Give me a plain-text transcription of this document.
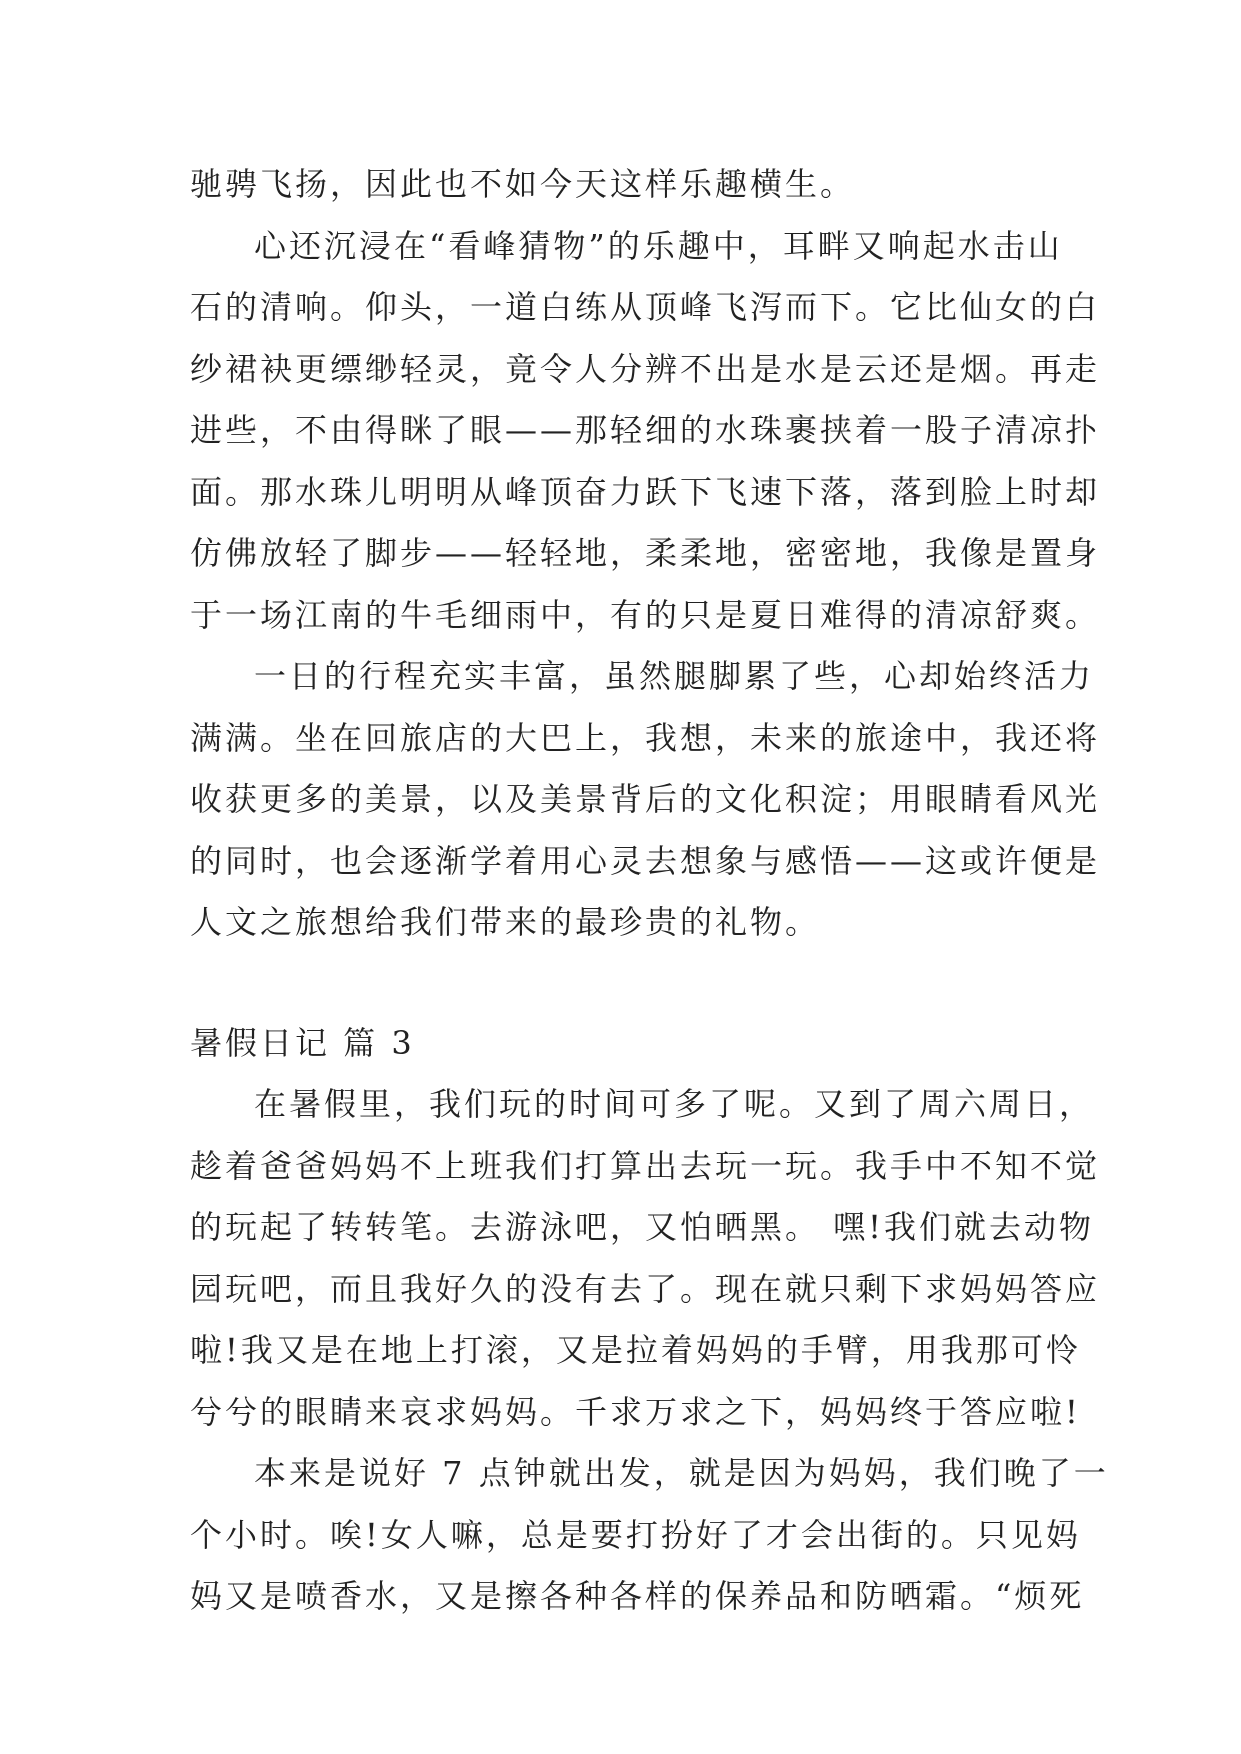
驰骋飞扬，因此也不如今天这样乐趣横生。
心还沉浸在“看峰猜物”的乐趣中，耳畔又响起水击山
石的清响。仰头，一道白练从顶峰飞泻而下。它比仙女的白
纱裙袂更缥缈轻灵，竟令人分辨不出是水是云还是烟。再走
进些，不由得眯了眼——那轻细的水珠裹挟着一股子清凉扑
面。那水珠儿明明从峰顶奋力跃下飞速下落，落到脸上时却
仿佛放轻了脚步——轻轻地，柔柔地，密密地，我像是置身
于一场江南的牛毛细雨中，有的只是夏日难得的清凉舒爽。
一日的行程充实丰富，虽然腿脚累了些，心却始终活力
满满。坐在回旅店的大巴上，我想，未来的旅途中，我还将
收获更多的美景，以及美景背后的文化积淀；用眼睛看风光
的同时，也会逐渐学着用心灵去想象与感悟——这或许便是
人文之旅想给我们带来的最珍贵的礼物。
暑假日记 篇 3
在暑假里，我们玩的时间可多了呢。又到了周六周日，
趁着爸爸妈妈不上班我们打算出去玩一玩。我手中不知不觉
的玩起了转转笔。去游泳吧，又怕晒黑。 嘿!我们就去动物
园玩吧，而且我好久的没有去了。现在就只剩下求妈妈答应
啦!我又是在地上打滚，又是拉着妈妈的手臂，用我那可怜
兮兮的眼睛来哀求妈妈。千求万求之下，妈妈终于答应啦!
本来是说好 7 点钟就出发，就是因为妈妈，我们晚了一
个小时。唉!女人嘛，总是要打扮好了才会出街的。只见妈
妈又是喷香水，又是擦各种各样的保养品和防晒霜。“烦死
